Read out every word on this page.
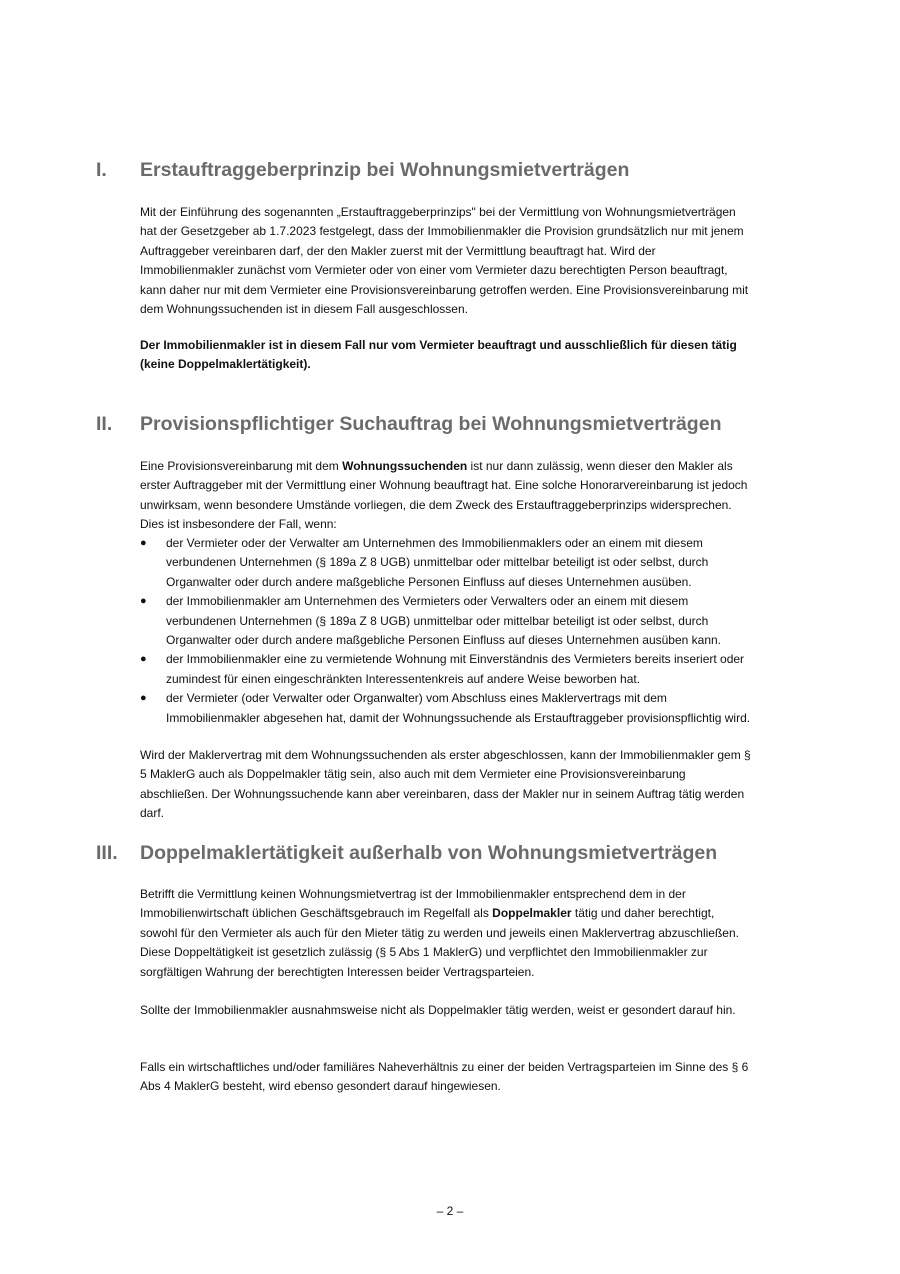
I. Erstauftraggeberprinzip bei Wohnungsmietverträgen

Mit der Einführung des sogenannten „Erstauftraggeberprinzips" bei der Vermittlung von Wohnungsmietverträgen hat der Gesetzgeber ab 1.7.2023 festgelegt, dass der Immobilienmakler die Provision grundsätzlich nur mit jenem Auftraggeber vereinbaren darf, der den Makler zuerst mit der Vermittlung beauftragt hat. Wird der Immobilienmakler zunächst vom Vermieter oder von einer vom Vermieter dazu berechtigten Person beauftragt, kann daher nur mit dem Vermieter eine Provisionsvereinbarung getroffen werden. Eine Provisionsvereinbarung mit dem Wohnungssuchenden ist in diesem Fall ausgeschlossen.

Der Immobilienmakler ist in diesem Fall nur vom Vermieter beauftragt und ausschließlich für diesen tätig (keine Doppelmaklertätigkeit).

II. Provisionspflichtiger Suchauftrag bei Wohnungsmietverträgen

Eine Provisionsvereinbarung mit dem Wohnungssuchenden ist nur dann zulässig, wenn dieser den Makler als erster Auftraggeber mit der Vermittlung einer Wohnung beauftragt hat. Eine solche Honorarvereinbarung ist jedoch unwirksam, wenn besondere Umstände vorliegen, die dem Zweck des Erstauftraggeberprinzips widersprechen. Dies ist insbesondere der Fall, wenn:

● der Vermieter oder der Verwalter am Unternehmen des Immobilienmaklers oder an einem mit diesem verbundenen Unternehmen (§ 189a Z 8 UGB) unmittelbar oder mittelbar beteiligt ist oder selbst, durch Organwalter oder durch andere maßgebliche Personen Einfluss auf dieses Unternehmen ausüben.
● der Immobilienmakler am Unternehmen des Vermieters oder Verwalters oder an einem mit diesem verbundenen Unternehmen (§ 189a Z 8 UGB) unmittelbar oder mittelbar beteiligt ist oder selbst, durch Organwalter oder durch andere maßgebliche Personen Einfluss auf dieses Unternehmen ausüben kann.
● der Immobilienmakler eine zu vermietende Wohnung mit Einverständnis des Vermieters bereits inseriert oder zumindest für einen eingeschränkten Interessentenkreis auf andere Weise beworben hat.
● der Vermieter (oder Verwalter oder Organwalter) vom Abschluss eines Maklervertrags mit dem Immobilienmakler abgesehen hat, damit der Wohnungssuchende als Erstauftraggeber provisionspflichtig wird.

Wird der Maklervertrag mit dem Wohnungssuchenden als erster abgeschlossen, kann der Immobilienmakler gem § 5 MaklerG auch als Doppelmakler tätig sein, also auch mit dem Vermieter eine Provisionsvereinbarung abschließen. Der Wohnungssuchende kann aber vereinbaren, dass der Makler nur in seinem Auftrag tätig werden darf.

III. Doppelmaklertätigkeit außerhalb von Wohnungsmietverträgen

Betrifft die Vermittlung keinen Wohnungsmietvertrag ist der Immobilienmakler entsprechend dem in der Immobilienwirtschaft üblichen Geschäftsgebrauch im Regelfall als Doppelmakler tätig und daher berechtigt, sowohl für den Vermieter als auch für den Mieter tätig zu werden und jeweils einen Maklervertrag abzuschließen. Diese Doppeltätigkeit ist gesetzlich zulässig (§ 5 Abs 1 MaklerG) und verpflichtet den Immobilienmakler zur sorgfältigen Wahrung der berechtigten Interessen beider Vertragsparteien.

Sollte der Immobilienmakler ausnahmsweise nicht als Doppelmakler tätig werden, weist er gesondert darauf hin.

Falls ein wirtschaftliches und/oder familiäres Naheverhältnis zu einer der beiden Vertragsparteien im Sinne des § 6 Abs 4 MaklerG besteht, wird ebenso gesondert darauf hingewiesen.

– 2 –
